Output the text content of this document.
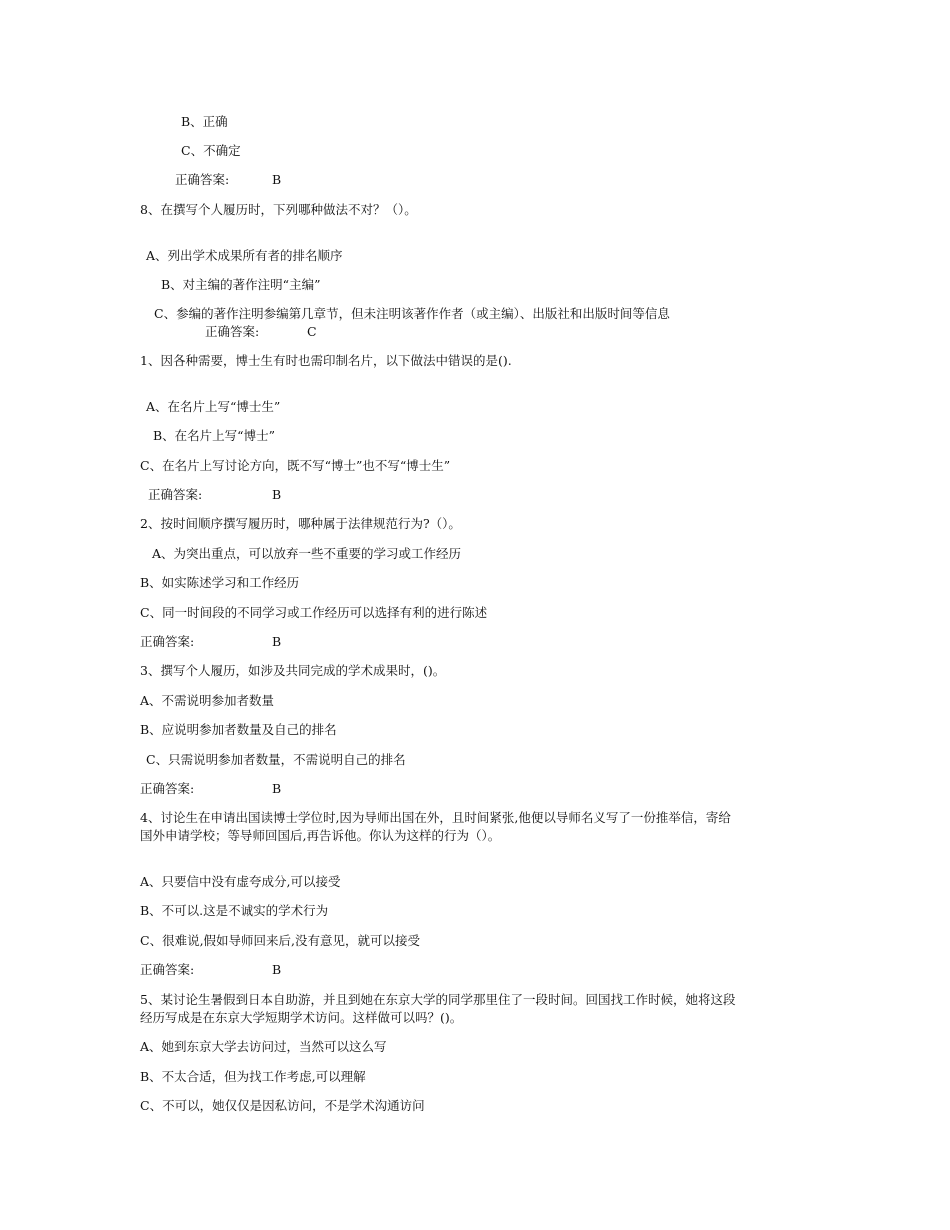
B、正确
C、不确定
正确答案:	B
8、在撰写个人履历时，下列哪种做法不对？（）。
A、列出学术成果所有者的排名顺序
B、对主编的著作注明“主编”
C、参编的著作注明参编第几章节，但未注明该著作作者（或主编）、出版社和出版时间等信息
正确答案:	C
1、因各种需要，博士生有时也需印制名片，以下做法中错误的是().
A、在名片上写“博士生”
B、在名片上写“博士”
C、在名片上写讨论方向，既不写“博士”也不写“博士生”
正确答案:	B
2、按时间顺序撰写履历时，哪种属于法律规范行为?（）。
A、为突出重点，可以放弃一些不重要的学习或工作经历
B、如实陈述学习和工作经历
C、同一时间段的不同学习或工作经历可以选择有利的进行陈述
正确答案:	B
3、撰写个人履历，如涉及共同完成的学术成果时，()。
A、不需说明参加者数量
B、应说明参加者数量及自己的排名
C、只需说明参加者数量，不需说明自己的排名
正确答案:	B
4、讨论生在申请出国读博士学位时,因为导师出国在外，且时间紧张,他便以导师名义写了一份推举信，寄给
国外申请学校；等导师回国后,再告诉他。你认为这样的行为（）。
A、只要信中没有虚夸成分,可以接受
B、不可以.这是不诚实的学术行为
C、很难说,假如导师回来后,没有意见，就可以接受
正确答案:	B
5、某讨论生暑假到日本自助游，并且到她在东京大学的同学那里住了一段时间。回国找工作时候，她将这段
经历写成是在东京大学短期学术访问。这样做可以吗？()。
A、她到东京大学去访问过，当然可以这么写
B、不太合适，但为找工作考虑,可以理解
C、不可以，她仅仅是因私访问，不是学术沟通访问
